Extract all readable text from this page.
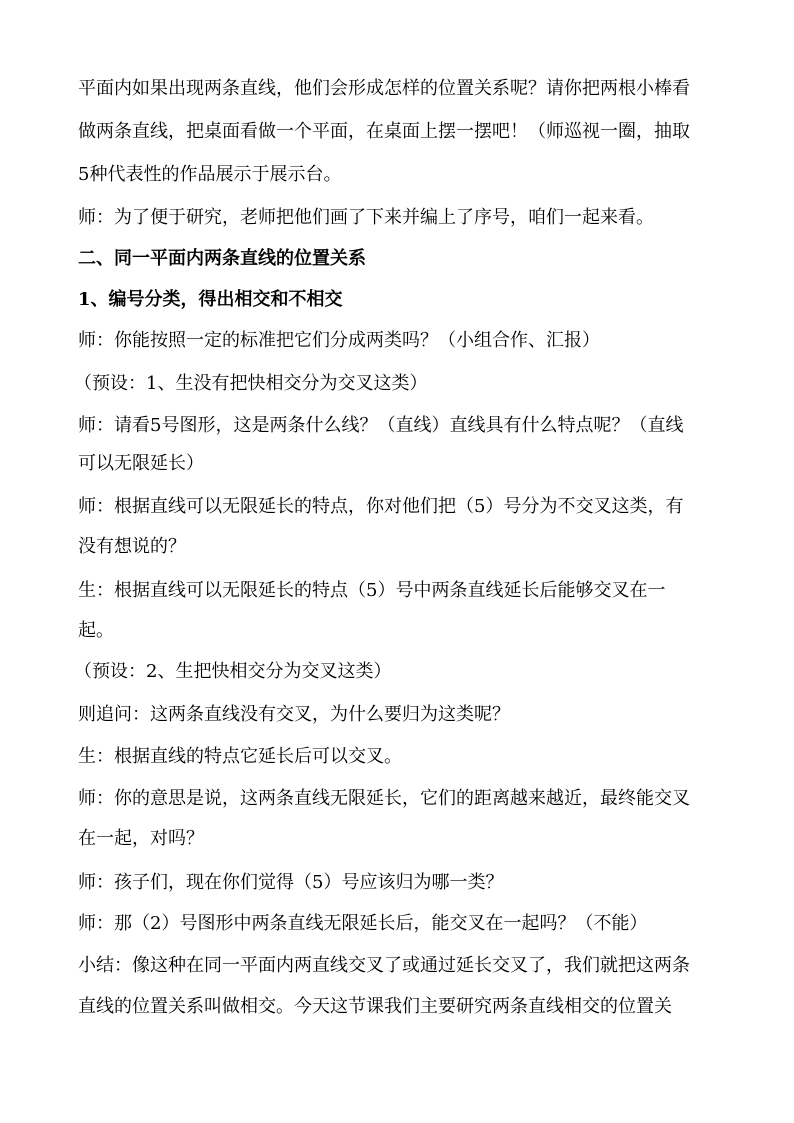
平面内如果出现两条直线，他们会形成怎样的位置关系呢？请你把两根小棒看
做两条直线，把桌面看做一个平面，在桌面上摆一摆吧！（师巡视一圈，抽取
5种代表性的作品展示于展示台。
师：为了便于研究，老师把他们画了下来并编上了序号，咱们一起来看。
二、同一平面内两条直线的位置关系
1、编号分类，得出相交和不相交
师：你能按照一定的标准把它们分成两类吗？（小组合作、汇报）
（预设：1、生没有把快相交分为交叉这类）
师：请看5号图形，这是两条什么线？（直线）直线具有什么特点呢？（直线
可以无限延长）
师：根据直线可以无限延长的特点，你对他们把（5）号分为不交叉这类，有
没有想说的？
生：根据直线可以无限延长的特点（5）号中两条直线延长后能够交叉在一
起。
（预设：2、生把快相交分为交叉这类）
则追问：这两条直线没有交叉，为什么要归为这类呢？
生：根据直线的特点它延长后可以交叉。
师：你的意思是说，这两条直线无限延长，它们的距离越来越近，最终能交叉
在一起，对吗？
师：孩子们，现在你们觉得（5）号应该归为哪一类？
师：那（2）号图形中两条直线无限延长后，能交叉在一起吗？（不能）
小结：像这种在同一平面内两直线交叉了或通过延长交叉了，我们就把这两条
直线的位置关系叫做相交。今天这节课我们主要研究两条直线相交的位置关
